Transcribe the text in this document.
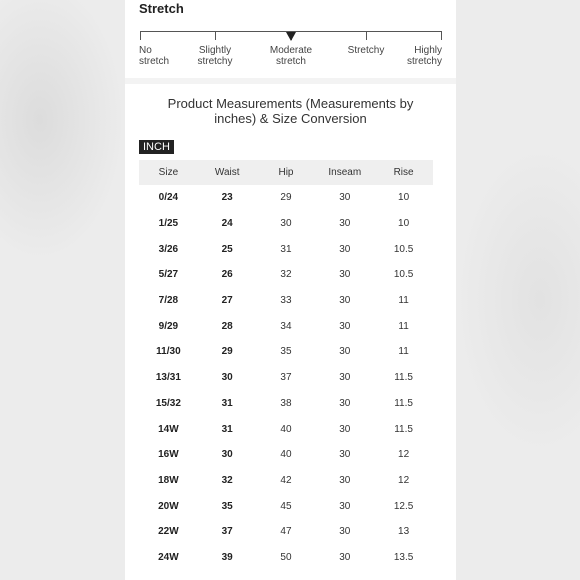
Stretch
No
stretch
Slightly
stretchy
Moderate
stretch
Stretchy	Highly
stretchy
Product Measurements (Measurements by inches) & Size Conversion
INCH
Size	Waist	Hip	Inseam	Rise
0/24	23	29	30	10
1/25	24	30	30	10
3/26	25	31	30	10.5
5/27	26	32	30	10.5
7/28	27	33	30	11
9/29	28	34	30	11
11/30	29	35	30	11
13/31	30	37	30	11.5
15/32	31	38	30	11.5
14W	31	40	30	11.5
16W	30	40	30	12
18W	32	42	30	12
20W	35	45	30	12.5
22W	37	47	30	13
24W	39	50	30	13.5
